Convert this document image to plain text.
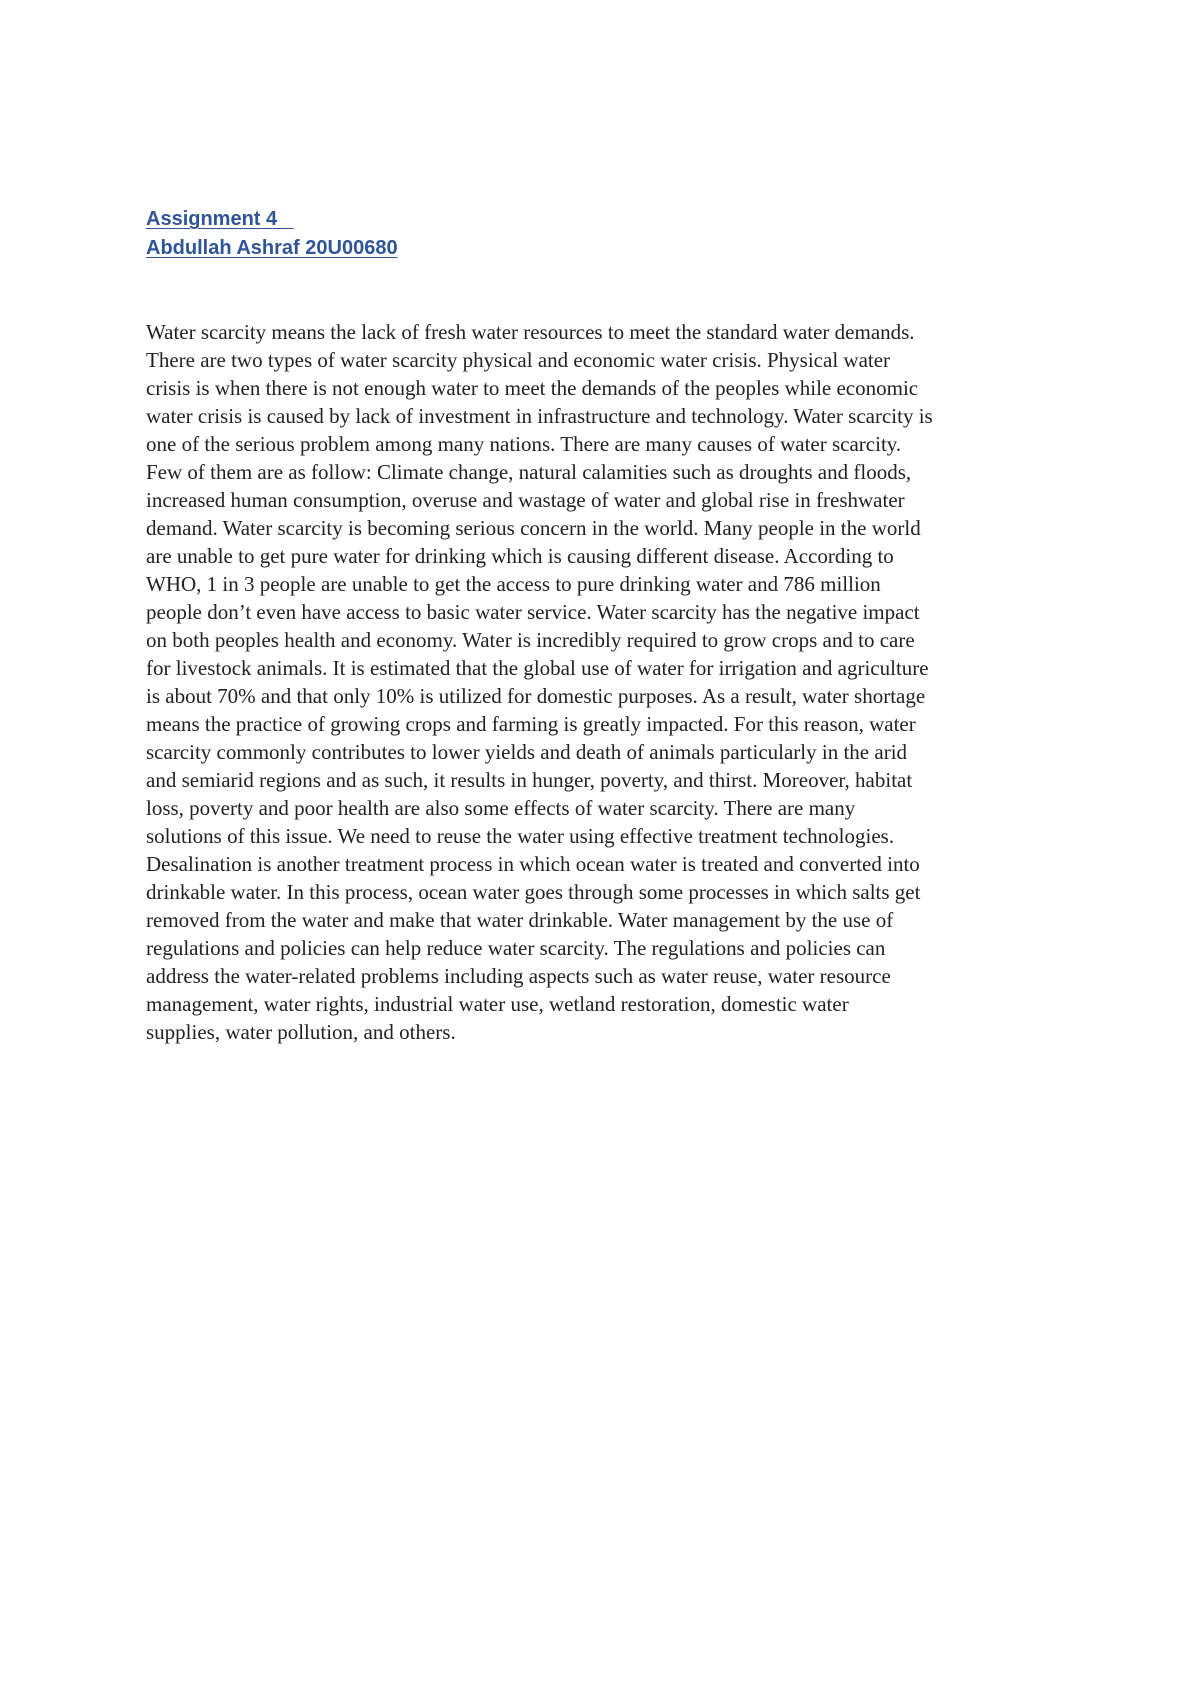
Assignment 4

Abdullah Ashraf 20U00680

Water scarcity means the lack of fresh water resources to meet the standard water demands.
There are two types of water scarcity physical and economic water crisis. Physical water
crisis is when there is not enough water to meet the demands of the peoples while economic
water crisis is caused by lack of investment in infrastructure and technology. Water scarcity is
one of the serious problem among many nations. There are many causes of water scarcity.
Few of them are as follow: Climate change, natural calamities such as droughts and floods,
increased human consumption, overuse and wastage of water and global rise in freshwater
demand. Water scarcity is becoming serious concern in the world. Many people in the world
are unable to get pure water for drinking which is causing different disease. According to
WHO, 1 in 3 people are unable to get the access to pure drinking water and 786 million
people don’t even have access to basic water service. Water scarcity has the negative impact
on both peoples health and economy. Water is incredibly required to grow crops and to care
for livestock animals. It is estimated that the global use of water for irrigation and agriculture
is about 70% and that only 10% is utilized for domestic purposes. As a result, water shortage
means the practice of growing crops and farming is greatly impacted. For this reason, water
scarcity commonly contributes to lower yields and death of animals particularly in the arid
and semiarid regions and as such, it results in hunger, poverty, and thirst. Moreover, habitat
loss, poverty and poor health are also some effects of water scarcity. There are many
solutions of this issue. We need to reuse the water using effective treatment technologies.
Desalination is another treatment process in which ocean water is treated and converted into
drinkable water. In this process, ocean water goes through some processes in which salts get
removed from the water and make that water drinkable. Water management by the use of
regulations and policies can help reduce water scarcity. The regulations and policies can
address the water-related problems including aspects such as water reuse, water resource
management, water rights, industrial water use, wetland restoration, domestic water
supplies, water pollution, and others.
